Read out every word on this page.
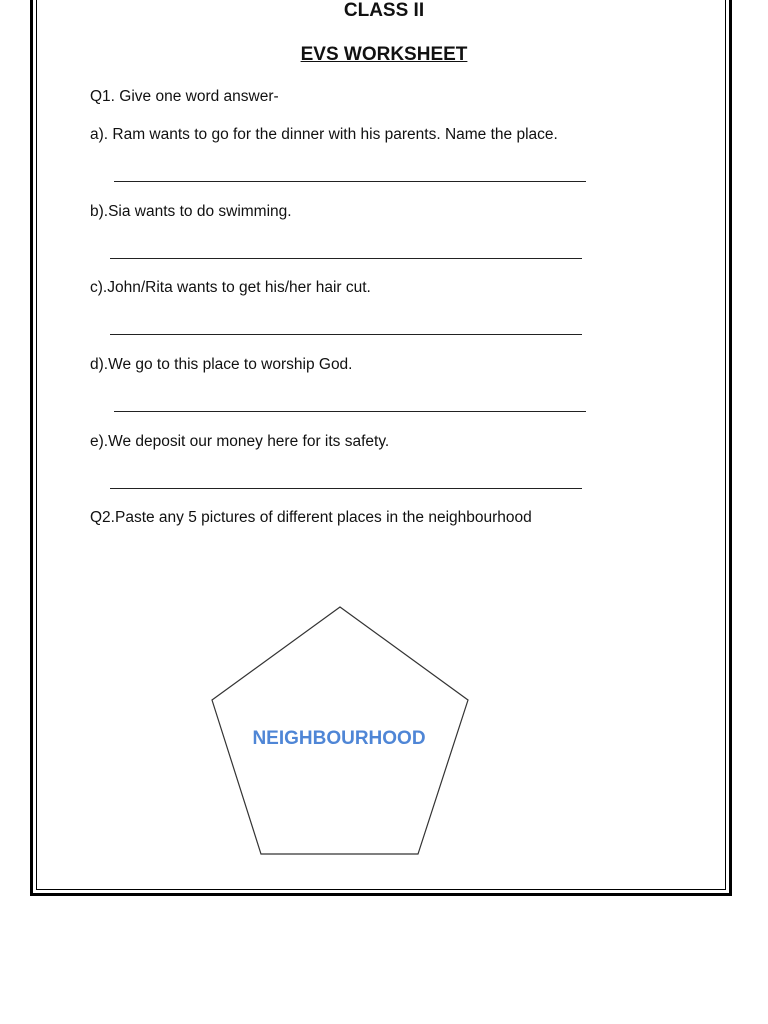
CLASS II
EVS WORKSHEET
Q1. Give one word answer-
a). Ram wants to go for the dinner with his parents. Name the place.
b).Sia wants to do swimming.
c).John/Rita wants to get his/her hair cut.
d).We go to this place to worship God.
e).We deposit our money here for its safety.
Q2.Paste any 5 pictures of different places in the neighbourhood
NEIGHBOURHOOD
